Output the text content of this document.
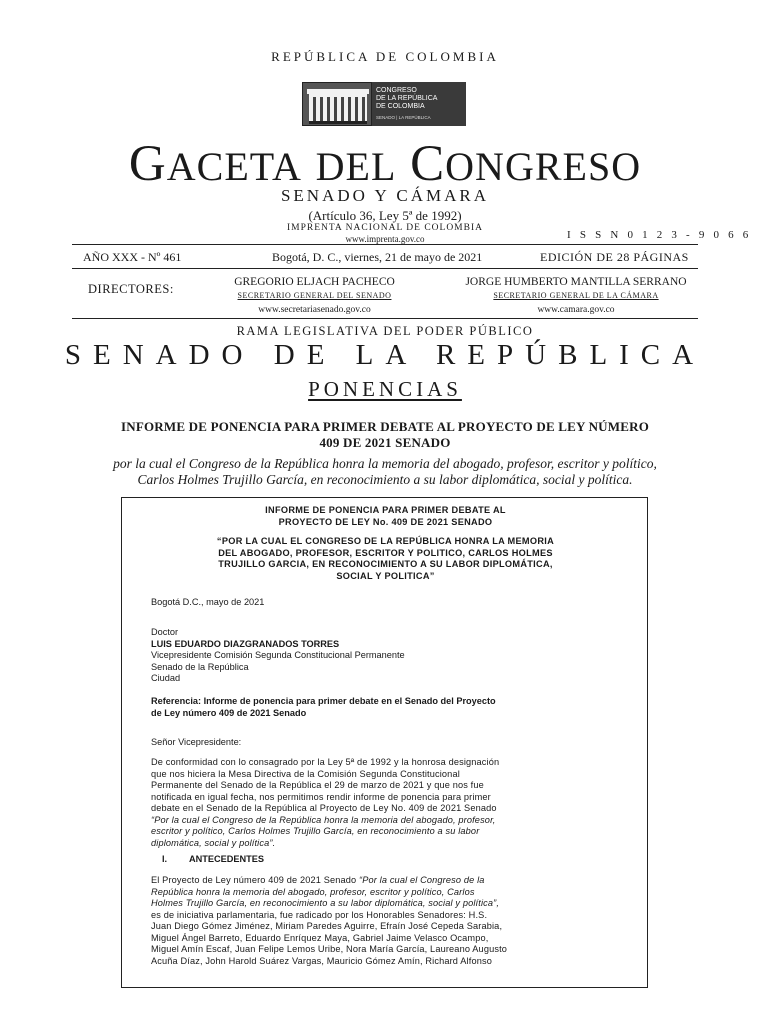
REPÚBLICA DE COLOMBIA
CONGRESO
DE LA REPÚBLICA
DE COLOMBIA
SENADO | LA REPÚBLICA
GACETA DEL CONGRESO
SENADO Y CÁMARA
(Artículo 36, Ley 5ª de 1992)
IMPRENTA NACIONAL DE COLOMBIA
www.imprenta.gov.co	I S S N 0 1 2 3 - 9 0 6 6
AÑO XXX - Nº 461	Bogotá, D. C., viernes, 21 de mayo de 2021	EDICIÓN DE 28 PÁGINAS
DIRECTORES:	GREGORIO ELJACH PACHECO
SECRETARIO GENERAL DEL SENADO
www.secretariasenado.gov.co
JORGE HUMBERTO MANTILLA SERRANO
SECRETARIO GENERAL DE LA CÁMARA
www.camara.gov.co
RAMA LEGISLATIVA DEL PODER PÚBLICO
SENADO DE LA REPÚBLICA
PONENCIAS
INFORME DE PONENCIA PARA PRIMER DEBATE AL PROYECTO DE LEY NÚMERO
409 DE 2021 SENADO
por la cual el Congreso de la República honra la memoria del abogado, profesor, escritor y político,
Carlos Holmes Trujillo García, en reconocimiento a su labor diplomática, social y política.
INFORME DE PONENCIA PARA PRIMER DEBATE AL
PROYECTO DE LEY No. 409 DE 2021 SENADO
“POR LA CUAL EL CONGRESO DE LA REPÚBLICA HONRA LA MEMORIA
DEL ABOGADO, PROFESOR, ESCRITOR Y POLITICO, CARLOS HOLMES
TRUJILLO GARCIA, EN RECONOCIMIENTO A SU LABOR DIPLOMÁTICA,
SOCIAL Y POLITICA”
Bogotá D.C., mayo de 2021
Doctor
LUIS EDUARDO DIAZGRANADOS TORRES
Vicepresidente Comisión Segunda Constitucional Permanente
Senado de la República
Ciudad
Referencia: Informe de ponencia para primer debate en el Senado del Proyecto
de Ley número 409 de 2021 Senado
Señor Vicepresidente:
De conformidad con lo consagrado por la Ley 5ª de 1992 y la honrosa designación
que nos hiciera la Mesa Directiva de la Comisión Segunda Constitucional
Permanente del Senado de la República el 29 de marzo de 2021 y que nos fue
notificada en igual fecha, nos permitimos rendir informe de ponencia para primer
debate en el Senado de la República al Proyecto de Ley No. 409 de 2021 Senado
“Por la cual el Congreso de la República honra la memoria del abogado, profesor,
escritor y político, Carlos Holmes Trujillo García, en reconocimiento a su labor
diplomática, social y política”.
I. ANTECEDENTES
El Proyecto de Ley número 409 de 2021 Senado “Por la cual el Congreso de la
República honra la memoria del abogado, profesor, escritor y político, Carlos
Holmes Trujillo García, en reconocimiento a su labor diplomática, social y política”,
es de iniciativa parlamentaria, fue radicado por los Honorables Senadores: H.S.
Juan Diego Gómez Jiménez, Miriam Paredes Aguirre, Efraín José Cepeda Sarabia,
Miguel Ángel Barreto, Eduardo Enríquez Maya, Gabriel Jaime Velasco Ocampo,
Miguel Amín Escaf, Juan Felipe Lemos Uribe, Nora María García, Laureano Augusto
Acuña Díaz, John Harold Suárez Vargas, Mauricio Gómez Amín, Richard Alfonso
